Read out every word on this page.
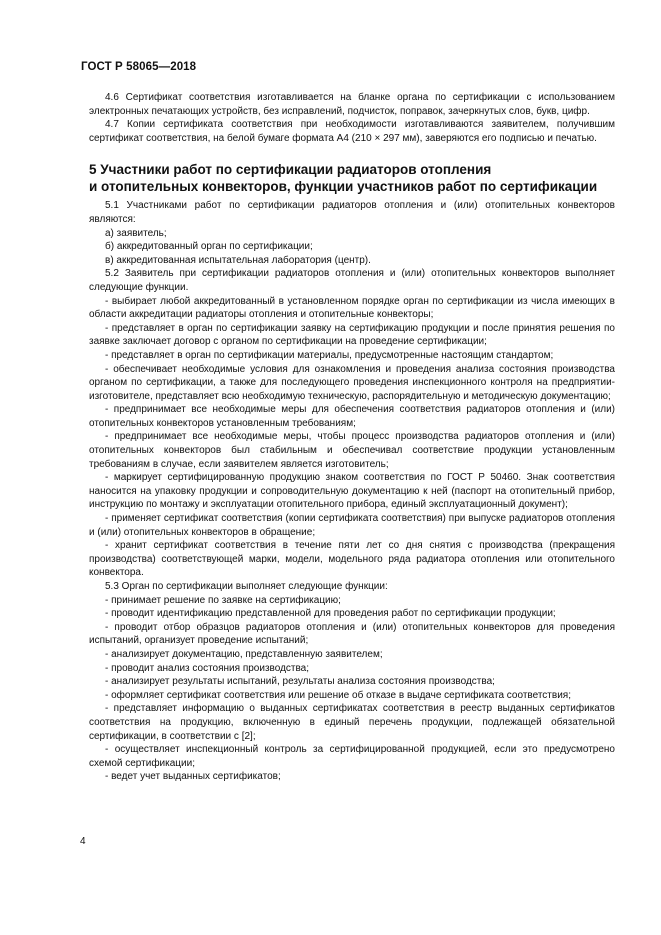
ГОСТ Р 58065—2018

4.6 Сертификат соответствия изготавливается на бланке органа по сертификации с использованием электронных печатающих устройств, без исправлений, подчисток, поправок, зачеркнутых слов, букв, цифр.

4.7 Копии сертификата соответствия при необходимости изготавливаются заявителем, получившим сертификат соответствия, на белой бумаге формата А4 (210 × 297 мм), заверяются его подписью и печатью.

5 Участники работ по сертификации радиаторов отопления
и отопительных конвекторов, функции участников работ по сертификации

5.1 Участниками работ по сертификации радиаторов отопления и (или) отопительных конвекторов являются:

а) заявитель;

б) аккредитованный орган по сертификации;

в) аккредитованная испытательная лаборатория (центр).

5.2 Заявитель при сертификации радиаторов отопления и (или) отопительных конвекторов выполняет следующие функции.

- выбирает любой аккредитованный в установленном порядке орган по сертификации из числа имеющих в области аккредитации радиаторы отопления и отопительные конвекторы;

- представляет в орган по сертификации заявку на сертификацию продукции и после принятия решения по заявке заключает договор с органом по сертификации на проведение сертификации;

- представляет в орган по сертификации материалы, предусмотренные настоящим стандартом;

- обеспечивает необходимые условия для ознакомления и проведения анализа состояния производства органом по сертификации, а также для последующего проведения инспекционного контроля на предприятии-изготовителе, представляет всю необходимую техническую, распорядительную и методическую документацию;

- предпринимает все необходимые меры для обеспечения соответствия радиаторов отопления и (или) отопительных конвекторов установленным требованиям;

- предпринимает все необходимые меры, чтобы процесс производства радиаторов отопления и (или) отопительных конвекторов был стабильным и обеспечивал соответствие продукции установленным требованиям в случае, если заявителем является изготовитель;

- маркирует сертифицированную продукцию знаком соответствия по ГОСТ Р 50460. Знак соответствия наносится на упаковку продукции и сопроводительную документацию к ней (паспорт на отопительный прибор, инструкцию по монтажу и эксплуатации отопительного прибора, единый эксплуатационный документ);

- применяет сертификат соответствия (копии сертификата соответствия) при выпуске радиаторов отопления и (или) отопительных конвекторов в обращение;

- хранит сертификат соответствия в течение пяти лет со дня снятия с производства (прекращения производства) соответствующей марки, модели, модельного ряда радиатора отопления или отопительного конвектора.

5.3 Орган по сертификации выполняет следующие функции:

- принимает решение по заявке на сертификацию;

- проводит идентификацию представленной для проведения работ по сертификации продукции;

- проводит отбор образцов радиаторов отопления и (или) отопительных конвекторов для проведения испытаний, организует проведение испытаний;

- анализирует документацию, представленную заявителем;

- проводит анализ состояния производства;

- анализирует результаты испытаний, результаты анализа состояния производства;

- оформляет сертификат соответствия или решение об отказе в выдаче сертификата соответствия;

- представляет информацию о выданных сертификатах соответствия в реестр выданных сертификатов соответствия на продукцию, включенную в единый перечень продукции, подлежащей обязательной сертификации, в соответствии с [2];

- осуществляет инспекционный контроль за сертифицированной продукцией, если это предусмотрено схемой сертификации;

- ведет учет выданных сертификатов;

4
